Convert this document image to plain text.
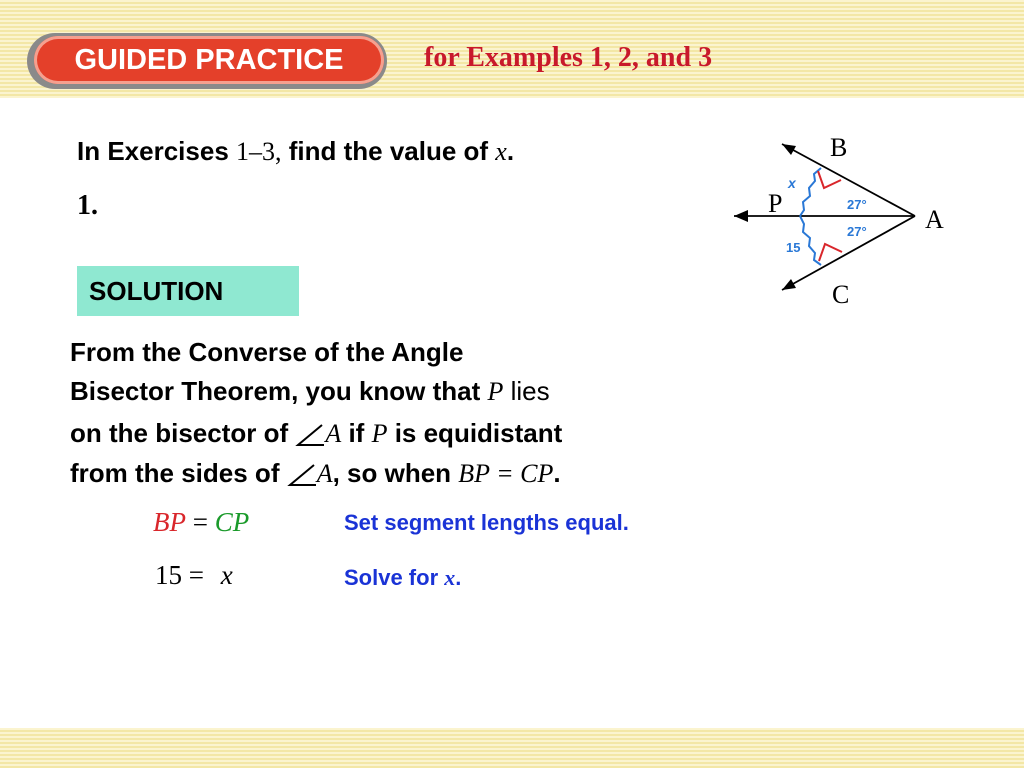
GUIDED PRACTICE	for Examples 1, 2, and 3
In Exercises 1–3, find the value of x.
1.
SOLUTION
From the Converse of the Angle
Bisector Theorem, you know that P lies
on the bisector of A if P is equidistant
from the sides of A, so when BP = CP.
BP = CP	Set segment lengths equal.
15 = x	Solve for x.
x
15
27°
27°
B
P
A
C
